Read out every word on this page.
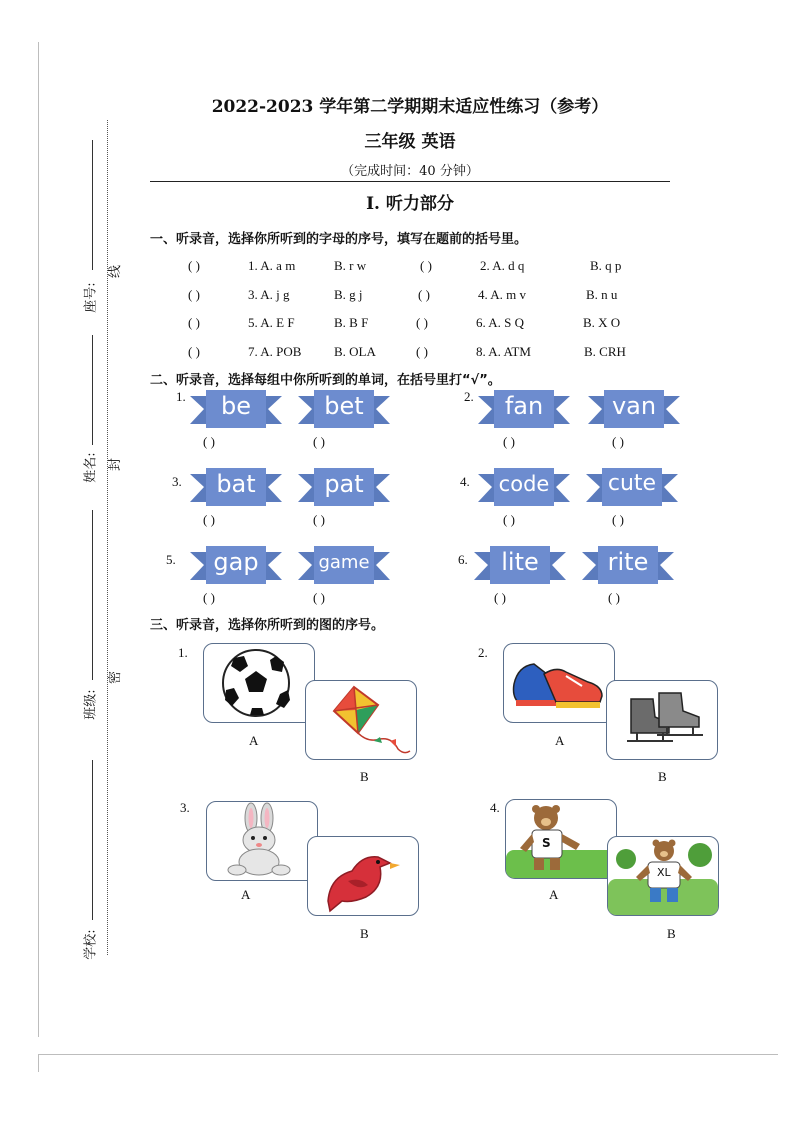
座号:
姓名:
班级:
学校:
线
封
密
2022-2023 学年第二学期期末适应性练习（参考）
三年级 英语
（完成时间：40 分钟）
I. 听力部分
一、听录音，选择你所听到的字母的序号，填写在题前的括号里。
( )	1. A. a m	B. r w	( )	2. A. d q	B. q p
( )	3. A. j g	B. g j	( )	4. A. m v	B. n u
( )	5. A. E F	B. B F	( )	6. A. S Q	B. X O
( )	7. A. POB	B. OLA	( )	8. A. ATM	B. CRH
二、听录音，选择每组中你所听到的单词，在括号里打“√”。
1.	be	bet
( )	( )
2.	fan	van
( )	( )
3.	bat	pat
( )	( )
4.	code	cute
( )	( )
5.	gap	game
( )	( )
6.	lite	rite
( )	( )
三、听录音，选择你所听到的图的序号。
1.
A
B
2.
A
B
3.
A
B
4.
S
XL
A
B
